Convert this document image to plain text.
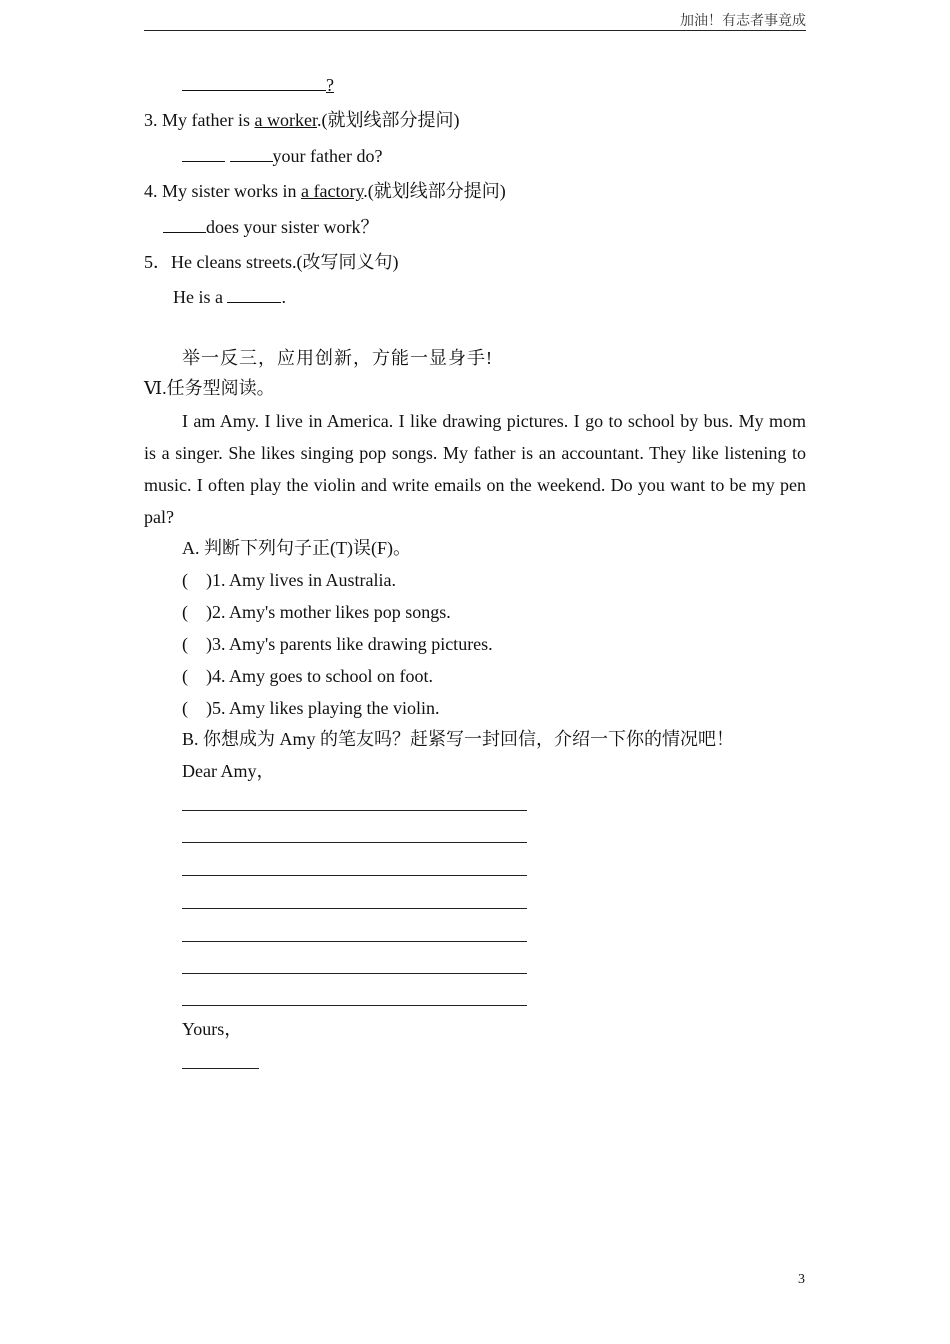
加油！有志者事竟成
?
3. My father is a worker.(就划线部分提问)
your father do?
4. My sister works in a factory.(就划线部分提问)
does your sister work？
5．He cleans streets.(改写同义句)
He is a	.
举一反三，应用创新，方能一显身手!
Ⅵ.任务型阅读。
I am Amy. I live in America. I like drawing pictures. I go to school by bus. My mom is a singer. She likes singing pop songs. My father is an accountant. They like listening to music. I often play the violin and write emails on the weekend. Do you want to be my pen pal?
A. 判断下列句子正(T)误(F)。
(    )1. Amy lives in Australia.
(    )2. Amy's mother likes pop songs.
(    )3. Amy's parents like drawing pictures.
(    )4. Amy goes to school on foot.
(    )5. Amy likes playing the violin.
B. 你想成为 Amy 的笔友吗？赶紧写一封回信，介绍一下你的情况吧！
Dear Amy，
Yours，
3
